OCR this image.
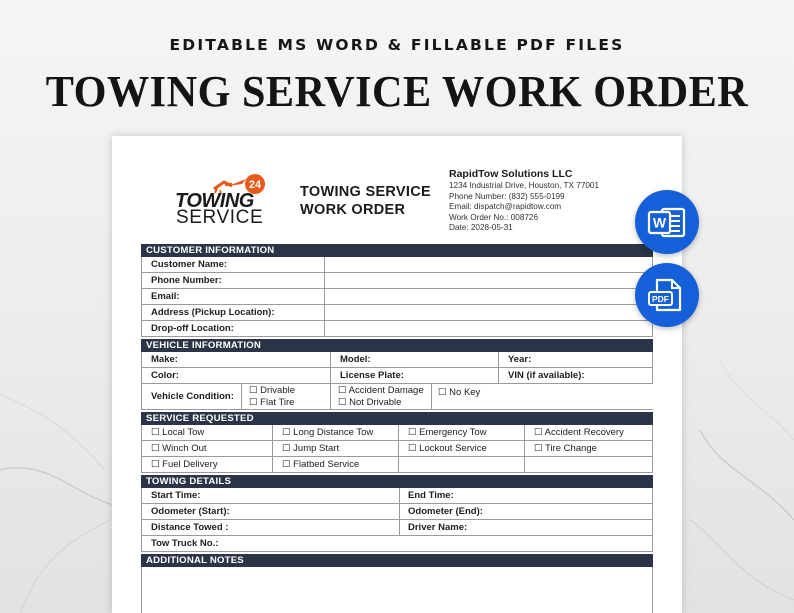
EDITABLE MS WORD & FILLABLE PDF FILES
TOWING SERVICE WORK ORDER
24
TOWING
SERVICE
TOWING SERVICE
WORK ORDER
RapidTow Solutions LLC
1234 Industrial Drive, Houston, TX 77001
Phone Number: (832) 555-0199
Email: dispatch@rapidtow.com
Work Order No.: 008726
Date: 2028-05-31
CUSTOMER INFORMATION
Customer Name:
Phone Number:
Email:
Address (Pickup Location):
Drop-off Location:
VEHICLE INFORMATION
Make:	Model:	Year:
Color:	License Plate:	VIN (if available):
Vehicle Condition:
☐ Drivable
☐ Flat Tire
☐ Accident Damage
☐ Not Drivable
☐ No Key
SERVICE REQUESTED
☐ Local Tow	☐ Long Distance Tow	☐ Emergency Tow	☐ Accident Recovery
☐ Winch Out	☐ Jump Start	☐ Lockout Service	☐ Tire Change
☐ Fuel Delivery	☐ Flatbed Service
TOWING DETAILS
Start Time:	End Time:
Odometer (Start):	Odometer (End):
Distance Towed :	Driver Name:
Tow Truck No.:
ADDITIONAL NOTES
W
PDF
